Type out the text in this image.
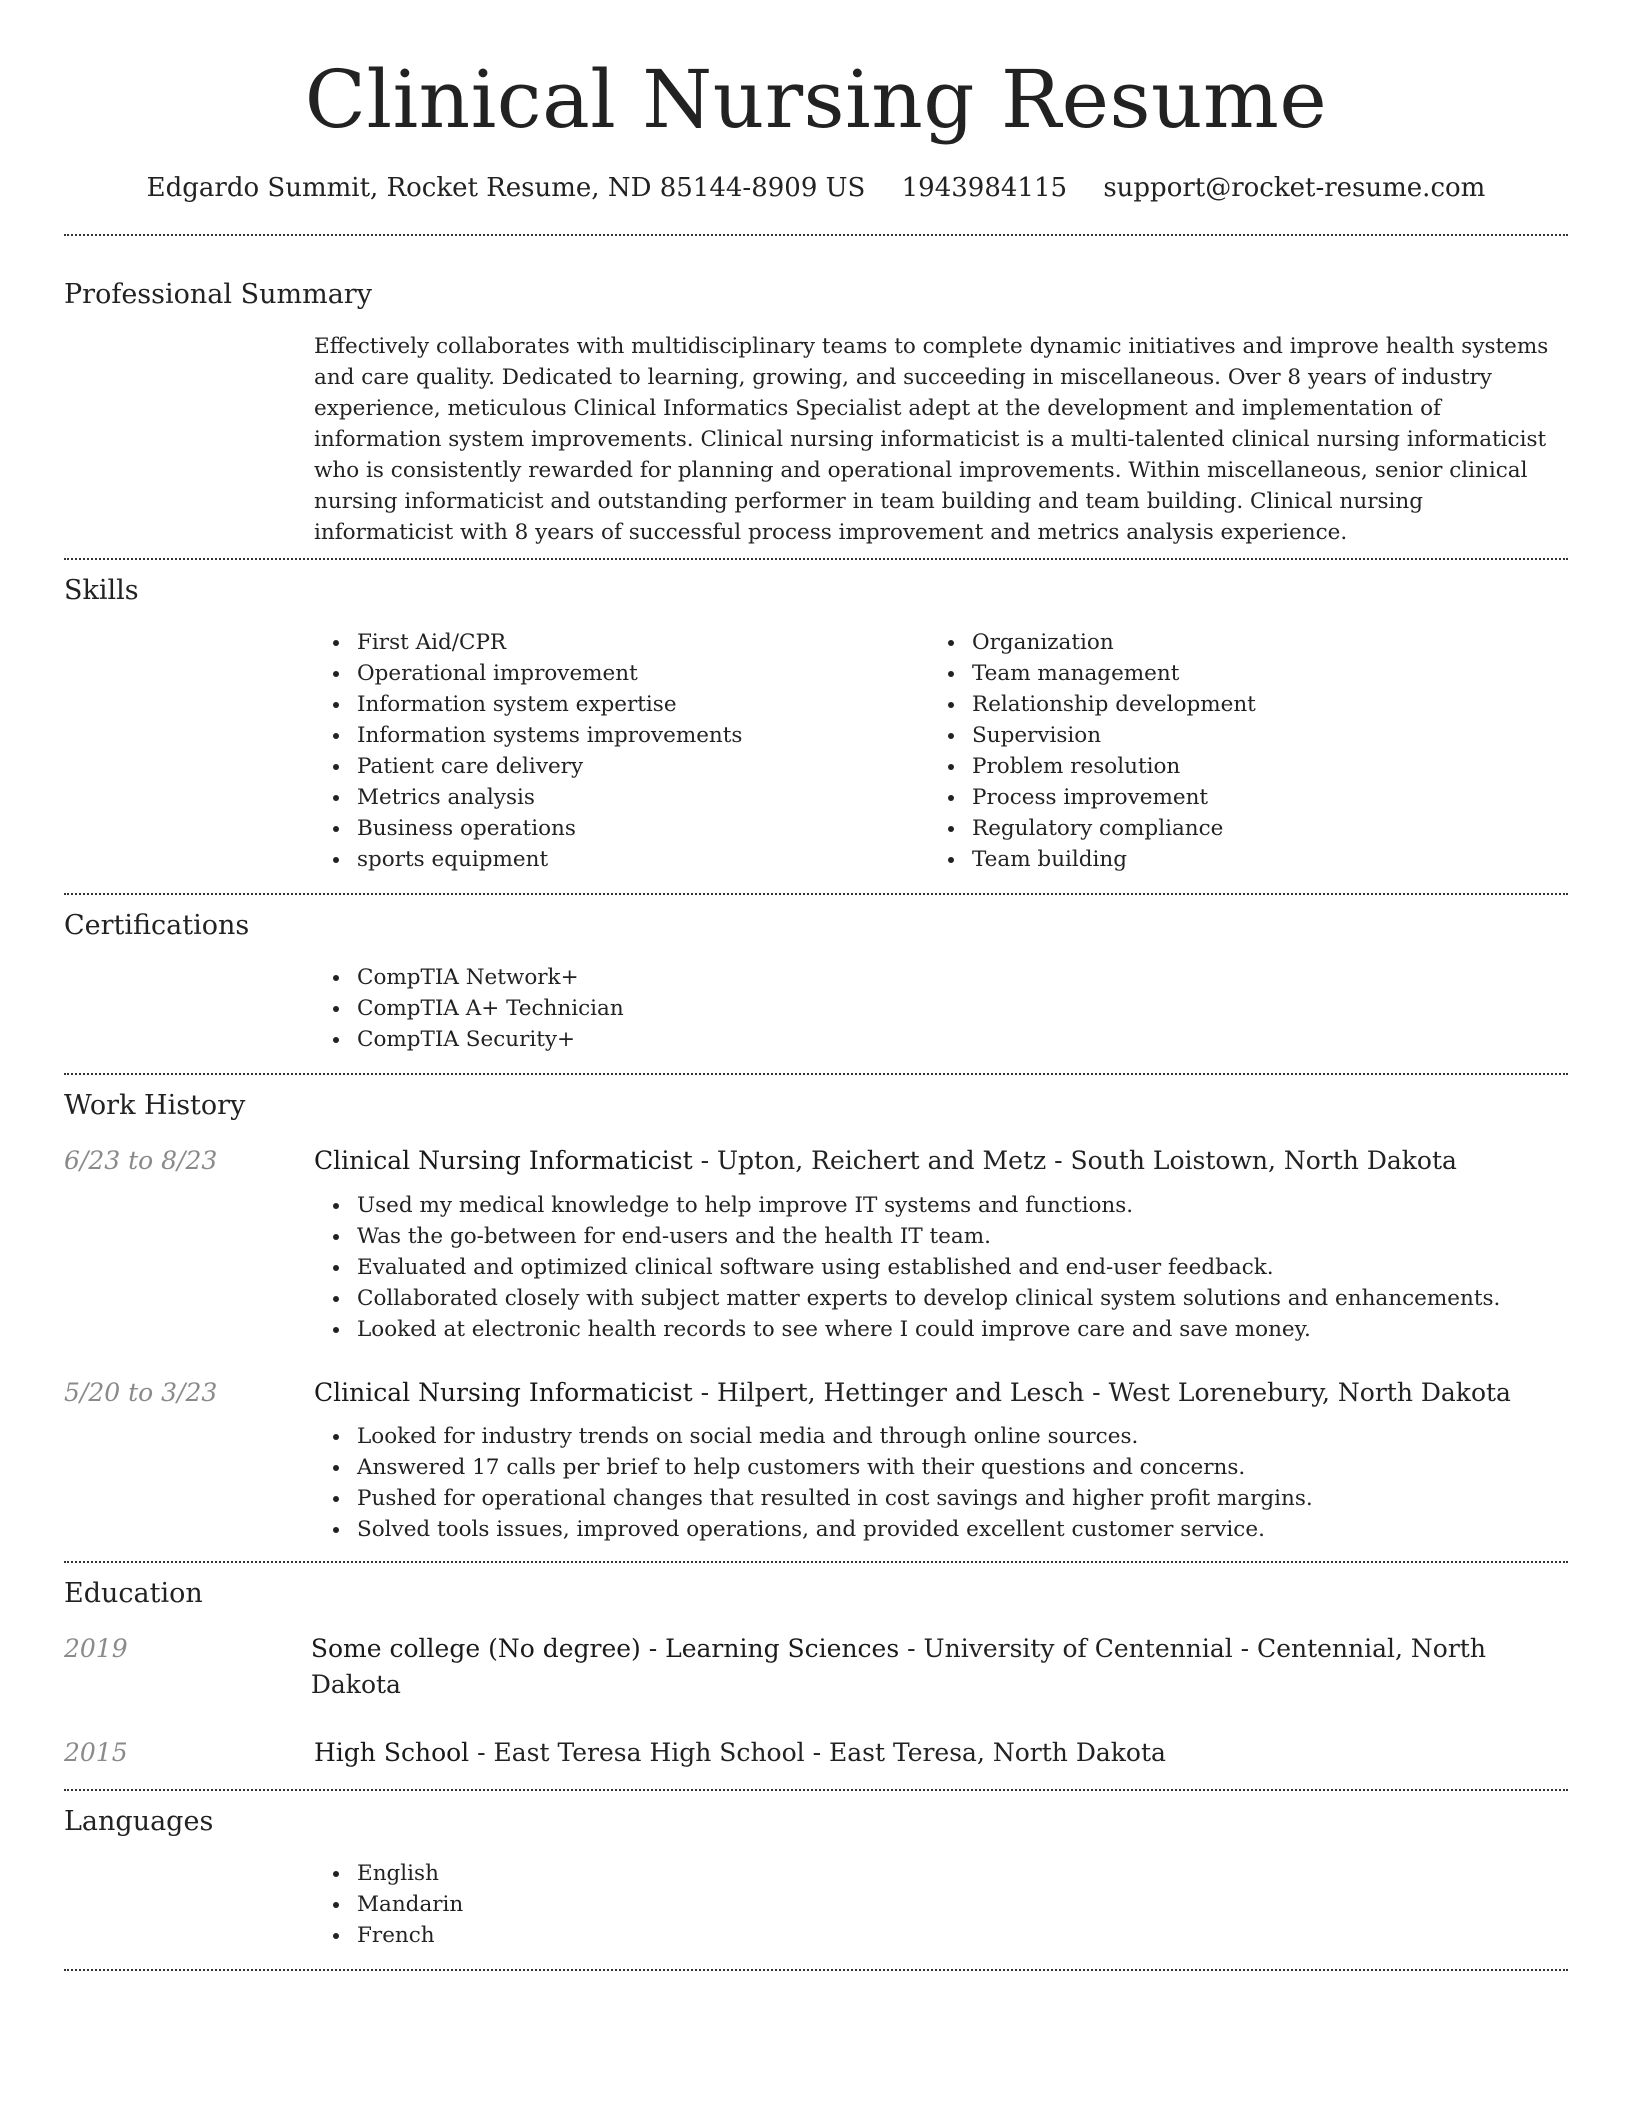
Clinical Nursing Resume
Edgardo Summit, Rocket Resume, ND 85144-8909 US 1943984115 support@rocket-resume.com
Professional Summary

Effectively collaborates with multidisciplinary teams to complete dynamic initiatives and improve health systems and care quality. Dedicated to learning, growing, and succeeding in miscellaneous. Over 8 years of industry experience, meticulous Clinical Informatics Specialist adept at the development and implementation of information system improvements. Clinical nursing informaticist is a multi-talented clinical nursing informaticist who is consistently rewarded for planning and operational improvements. Within miscellaneous, senior clinical nursing informaticist and outstanding performer in team building and team building. Clinical nursing informaticist with 8 years of successful process improvement and metrics analysis experience.

Skills
First Aid/CPR
Operational improvement
Information system expertise
Information systems improvements
Patient care delivery
Metrics analysis
Business operations
sports equipment
Organization
Team management
Relationship development
Supervision
Problem resolution
Process improvement
Regulatory compliance
Team building
Certifications
CompTIA Network+
CompTIA A+ Technician
CompTIA Security+
Work History
6/23 to 8/23	Clinical Nursing Informaticist - Upton, Reichert and Metz - South Loistown, North Dakota
Used my medical knowledge to help improve IT systems and functions.
Was the go-between for end-users and the health IT team.
Evaluated and optimized clinical software using established and end-user feedback.
Collaborated closely with subject matter experts to develop clinical system solutions and enhancements.
Looked at electronic health records to see where I could improve care and save money.
5/20 to 3/23	Clinical Nursing Informaticist - Hilpert, Hettinger and Lesch - West Lorenebury, North Dakota
Looked for industry trends on social media and through online sources.
Answered 17 calls per brief to help customers with their questions and concerns.
Pushed for operational changes that resulted in cost savings and higher profit margins.
Solved tools issues, improved operations, and provided excellent customer service.
Education
2019	Some college (No degree) - Learning Sciences - University of Centennial - Centennial, North Dakota
2015	High School - East Teresa High School - East Teresa, North Dakota
Languages
English
Mandarin
French
